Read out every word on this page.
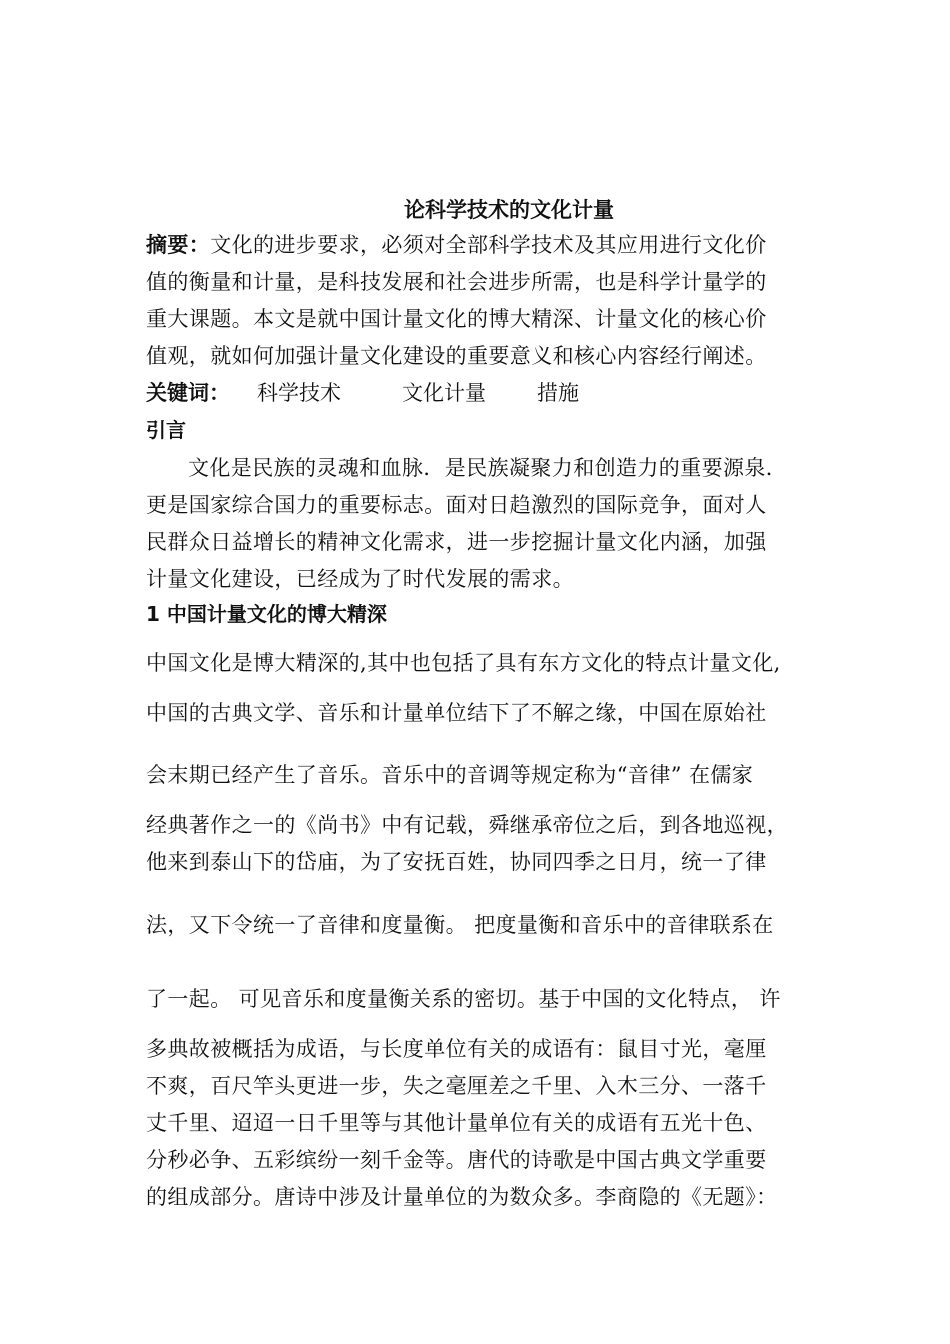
论科学技术的文化计量
摘要：文化的进步要求，必须对全部科学技术及其应用进行文化价
值的衡量和计量，是科技发展和社会进步所需，也是科学计量学的
重大课题。本文是就中国计量文化的博大精深、计量文化的核心价
值观，就如何加强计量文化建设的重要意义和核心内容经行阐述。
关键词： 科学技术	文化计量 措施
引言
文化是民族的灵魂和血脉．是民族凝聚力和创造力的重要源泉．
更是国家综合国力的重要标志。面对日趋激烈的国际竞争，面对人
民群众日益增长的精神文化需求，进一步挖掘计量文化内涵，加强
计量文化建设，已经成为了时代发展的需求。
1 中国计量文化的博大精深
中国文化是博大精深的,其中也包括了具有东方文化的特点计量文化,
中国的古典文学、音乐和计量单位结下了不解之缘，中国在原始社
会末期已经产生了音乐。音乐中的音调等规定称为“音律” 在儒家
经典著作之一的《尚书》中有记载，舜继承帝位之后，到各地巡视，
他来到泰山下的岱庙，为了安抚百姓，协同四季之日月，统一了律
法，又下令统一了音律和度量衡。 把度量衡和音乐中的音律联系在
了一起。 可见音乐和度量衡关系的密切。基于中国的文化特点， 许
多典故被概括为成语，与长度单位有关的成语有：鼠目寸光，毫厘
不爽，百尺竿头更进一步，失之毫厘差之千里、入木三分、一落千
丈千里、迢迢一日千里等与其他计量单位有关的成语有五光十色、
分秒必争、五彩缤纷一刻千金等。唐代的诗歌是中国古典文学重要
的组成部分。唐诗中涉及计量单位的为数众多。李商隐的《无题》：
